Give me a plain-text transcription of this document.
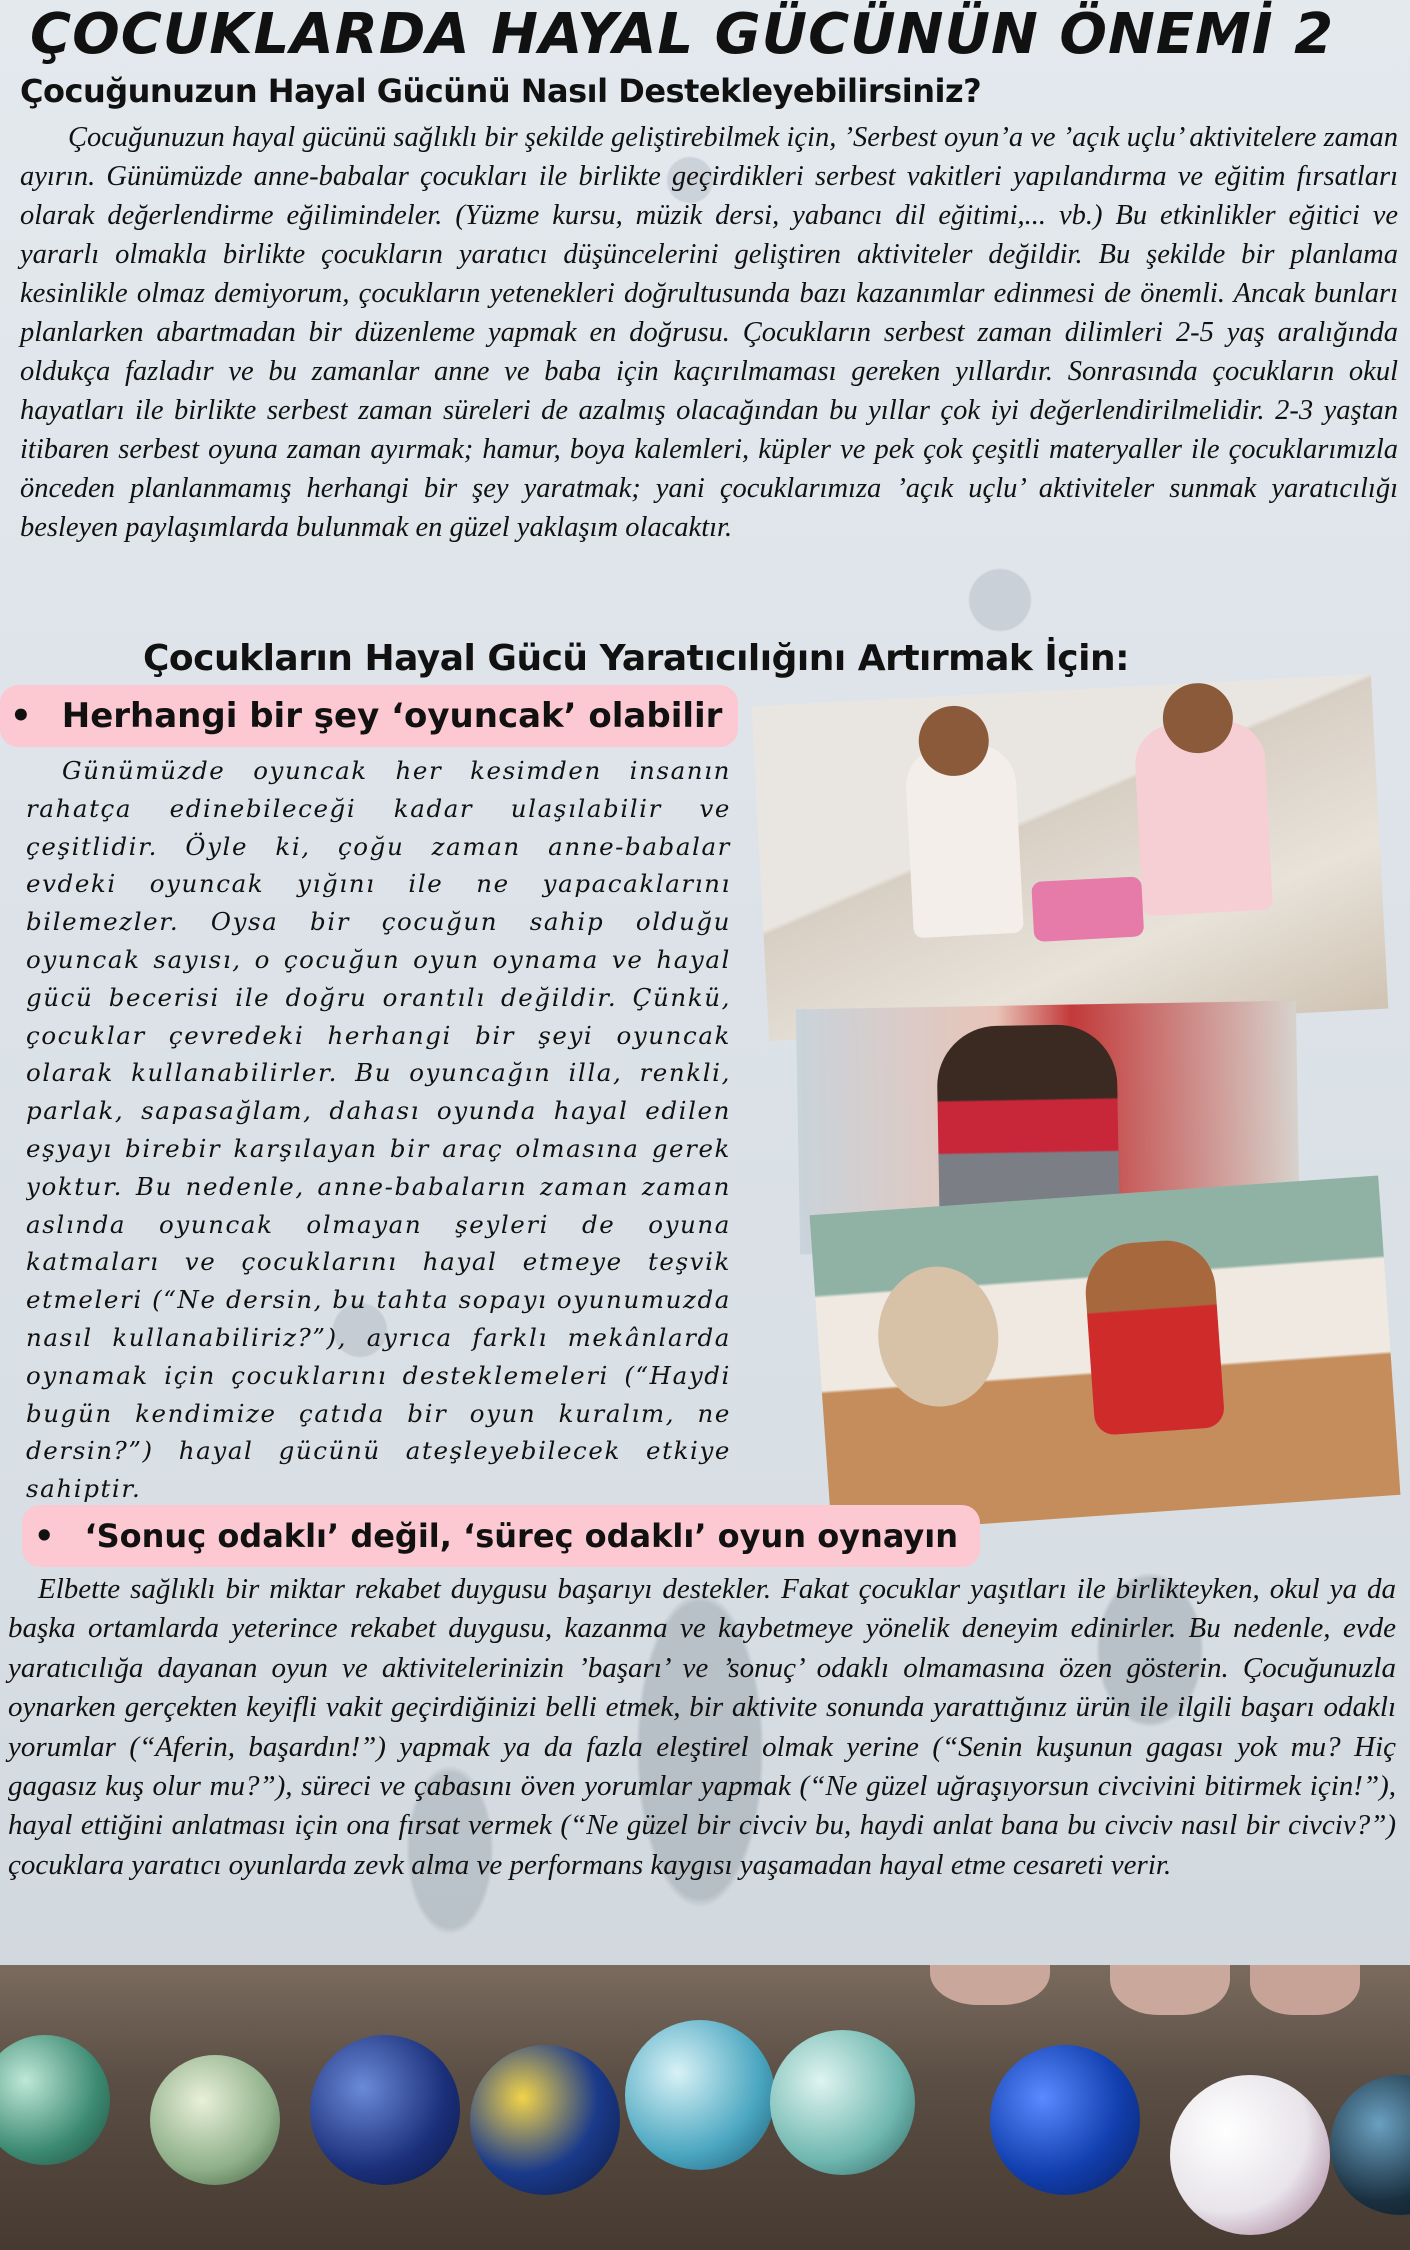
ÇOCUKLARDA HAYAL GÜCÜNÜN ÖNEMİ 2
Çocuğunuzun Hayal Gücünü Nasıl Destekleyebilirsiniz?

Çocuğunuzun hayal gücünü sağlıklı bir şekilde geliştirebilmek için, ’Serbest oyun’a ve ’açık uçlu’ aktivitelere zaman ayırın. Günümüzde anne-babalar çocukları ile birlikte geçirdikleri serbest vakitleri yapılandırma ve eğitim fırsatları olarak değerlendirme eğilimindeler. (Yüzme kursu, müzik dersi, yabancı dil eğitimi,... vb.) Bu etkinlikler eğitici ve yararlı olmakla birlikte çocukların yaratıcı düşüncelerini geliştiren aktiviteler değildir. Bu şekilde bir planlama kesinlikle olmaz demiyorum, çocukların yetenekleri doğrultusunda bazı kazanımlar edinmesi de önemli. Ancak bunları planlarken abartmadan bir düzenleme yapmak en doğrusu. Çocukların serbest zaman dilimleri 2-5 yaş aralığında oldukça fazladır ve bu zamanlar anne ve baba için kaçırılmaması gereken yıllardır. Sonrasında çocukların okul hayatları ile birlikte serbest zaman süreleri de azalmış olacağından bu yıllar çok iyi değerlendirilmelidir. 2-3 yaştan itibaren serbest oyuna zaman ayırmak; hamur, boya kalemleri, küpler ve pek çok çeşitli materyaller ile çocuklarımızla önceden planlanmamış herhangi bir şey yaratmak; yani çocuklarımıza ’açık uçlu’ aktiviteler sunmak yaratıcılığı besleyen paylaşımlarda bulunmak en güzel yaklaşım olacaktır.

Çocukların Hayal Gücü Yaratıcılığını Artırmak İçin:
• Herhangi bir şey ‘oyuncak’ olabilir

Günümüzde oyuncak her kesimden insanın rahatça edinebileceği kadar ulaşılabilir ve çeşitlidir. Öyle ki, çoğu zaman anne-babalar evdeki oyuncak yığını ile ne yapacaklarını bilemezler. Oysa bir çocuğun sahip olduğu oyuncak sayısı, o çocuğun oyun oynama ve hayal gücü becerisi ile doğru orantılı değildir. Çünkü, çocuklar çevredeki herhangi bir şeyi oyuncak olarak kullanabilirler. Bu oyuncağın illa, renkli, parlak, sapasağlam, dahası oyunda hayal edilen eşyayı birebir karşılayan bir araç olmasına gerek yoktur. Bu nedenle, anne-babaların zaman zaman aslında oyuncak olmayan şeyleri de oyuna katmaları ve çocuklarını hayal etmeye teşvik etmeleri (“Ne dersin, bu tahta sopayı oyunumuzda nasıl kullanabiliriz?”), ayrıca farklı mekânlarda oynamak için çocuklarını desteklemeleri (“Haydi bugün kendimize çatıda bir oyun kuralım, ne dersin?”) hayal gücünü ateşleyebilecek etkiye sahiptir.

• ‘Sonuç odaklı’ değil, ‘süreç odaklı’ oyun oynayın

Elbette sağlıklı bir miktar rekabet duygusu başarıyı destekler. Fakat çocuklar yaşıtları ile birlikteyken, okul ya da başka ortamlarda yeterince rekabet duygusu, kazanma ve kaybetmeye yönelik deneyim edinirler. Bu nedenle, evde yaratıcılığa dayanan oyun ve aktivitelerinizin ’başarı’ ve ’sonuç’ odaklı olmamasına özen gösterin. Çocuğunuzla oynarken gerçekten keyifli vakit geçirdiğinizi belli etmek, bir aktivite sonunda yarattığınız ürün ile ilgili başarı odaklı yorumlar (“Aferin, başardın!”) yapmak ya da fazla eleştirel olmak yerine (“Senin kuşunun gagası yok mu? Hiç gagasız kuş olur mu?”), süreci ve çabasını öven yorumlar yapmak (“Ne güzel uğraşıyorsun civcivini bitirmek için!”), hayal ettiğini anlatması için ona fırsat vermek (“Ne güzel bir civciv bu, haydi anlat bana bu civciv nasıl bir civciv?”) çocuklara yaratıcı oyunlarda zevk alma ve performans kaygısı yaşamadan hayal etme cesareti verir.
